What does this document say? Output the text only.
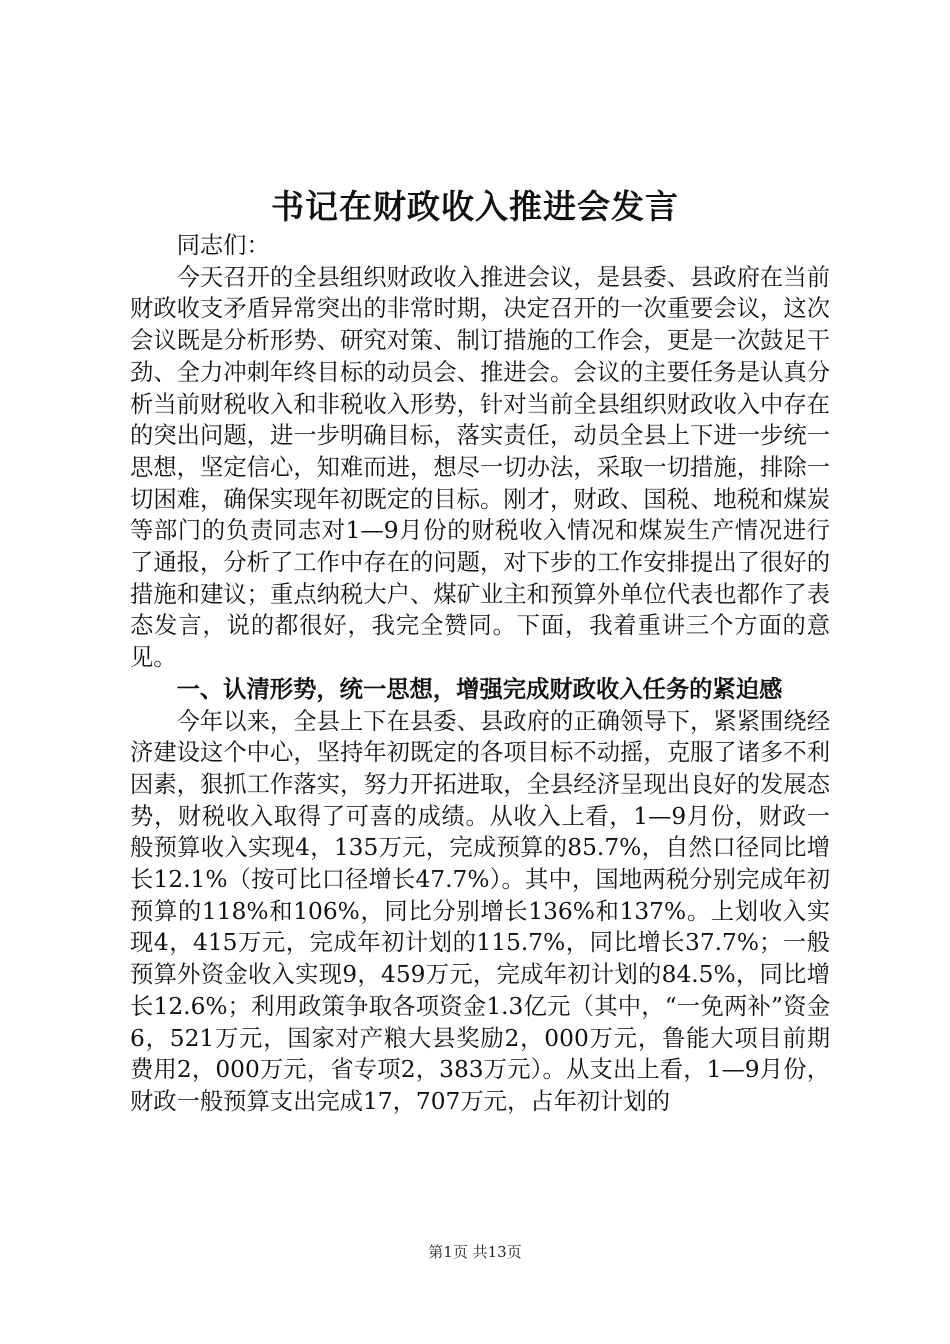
书记在财政收入推进会发言

同志们：

今天召开的全县组织财政收入推进会议，是县委、县政府在当前财政收支矛盾异常突出的非常时期，决定召开的一次重要会议，这次会议既是分析形势、研究对策、制订措施的工作会，更是一次鼓足干劲、全力冲刺年终目标的动员会、推进会。会议的主要任务是认真分析当前财税收入和非税收入形势，针对当前全县组织财政收入中存在的突出问题，进一步明确目标，落实责任，动员全县上下进一步统一思想，坚定信心，知难而进，想尽一切办法，采取一切措施，排除一切困难，确保实现年初既定的目标。刚才，财政、国税、地税和煤炭等部门的负责同志对1—9月份的财税收入情况和煤炭生产情况进行了通报，分析了工作中存在的问题，对下步的工作安排提出了很好的措施和建议；重点纳税大户、煤矿业主和预算外单位代表也都作了表态发言，说的都很好，我完全赞同。下面，我着重讲三个方面的意见。

一、认清形势，统一思想，增强完成财政收入任务的紧迫感

今年以来，全县上下在县委、县政府的正确领导下，紧紧围绕经济建设这个中心，坚持年初既定的各项目标不动摇，克服了诸多不利因素，狠抓工作落实，努力开拓进取，全县经济呈现出良好的发展态势，财税收入取得了可喜的成绩。从收入上看，1—9月份，财政一般预算收入实现4，135万元，完成预算的85.7%，自然口径同比增长12.1%（按可比口径增长47.7%）。其中，国地两税分别完成年初预算的118%和106%，同比分别增长136%和137%。上划收入实现4，415万元，完成年初计划的115.7%，同比增长37.7%；一般预算外资金收入实现9，459万元，完成年初计划的84.5%，同比增长12.6%；利用政策争取各项资金1.3亿元（其中，“一免两补”资金6，521万元，国家对产粮大县奖励2，000万元，鲁能大项目前期费用2，000万元，省专项2，383万元）。从支出上看，1—9月份，财政一般预算支出完成17，707万元，占年初计划的

第1页 共13页
